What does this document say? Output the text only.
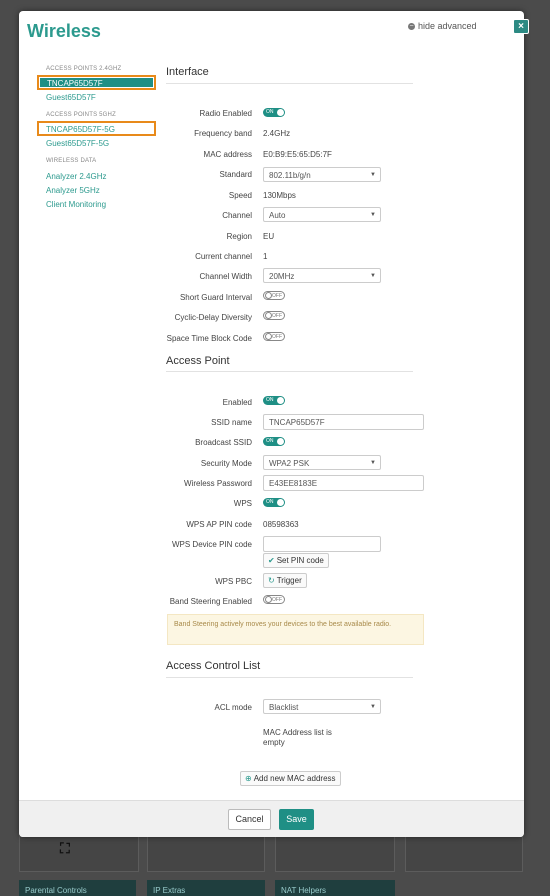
⛶
Parental Controls	IP Extras	NAT Helpers
×
Wireless	− hide advanced
ACCESS POINTS 2.4GHZ
TNCAP65D57F
Guest65D57F
ACCESS POINTS 5GHZ
TNCAP65D57F-5G
Guest65D57F-5G
WIRELESS DATA
Analyzer 2.4GHz
Analyzer 5GHz
Client Monitoring
Interface
Radio Enabled	ON
Frequency band 2.4GHz
MAC address E0:B9:E5:65:D5:7F
Standard	802.11b/g/n	▼
Speed 130Mbps
Channel	Auto	▼
Region EU
Current channel 1
Channel Width	20MHz	▼
Short Guard Interval	OFF
Cyclic-Delay Diversity	OFF
Space Time Block Code	OFF
Access Point
Enabled	ON
SSID name	TNCAP65D57F
Broadcast SSID	ON
Security Mode	WPA2 PSK	▼
Wireless Password	E43EE8183E
WPS	ON
WPS AP PIN code 08598363
WPS Device PIN code
✔ Set PIN code
WPS PBC ↻ Trigger
Band Steering Enabled	OFF
Band Steering actively moves your devices to the best available radio.
Access Control List
ACL mode	Blacklist	▼
MAC Address list is empty
⊕ Add new MAC address
Cancel	Save
